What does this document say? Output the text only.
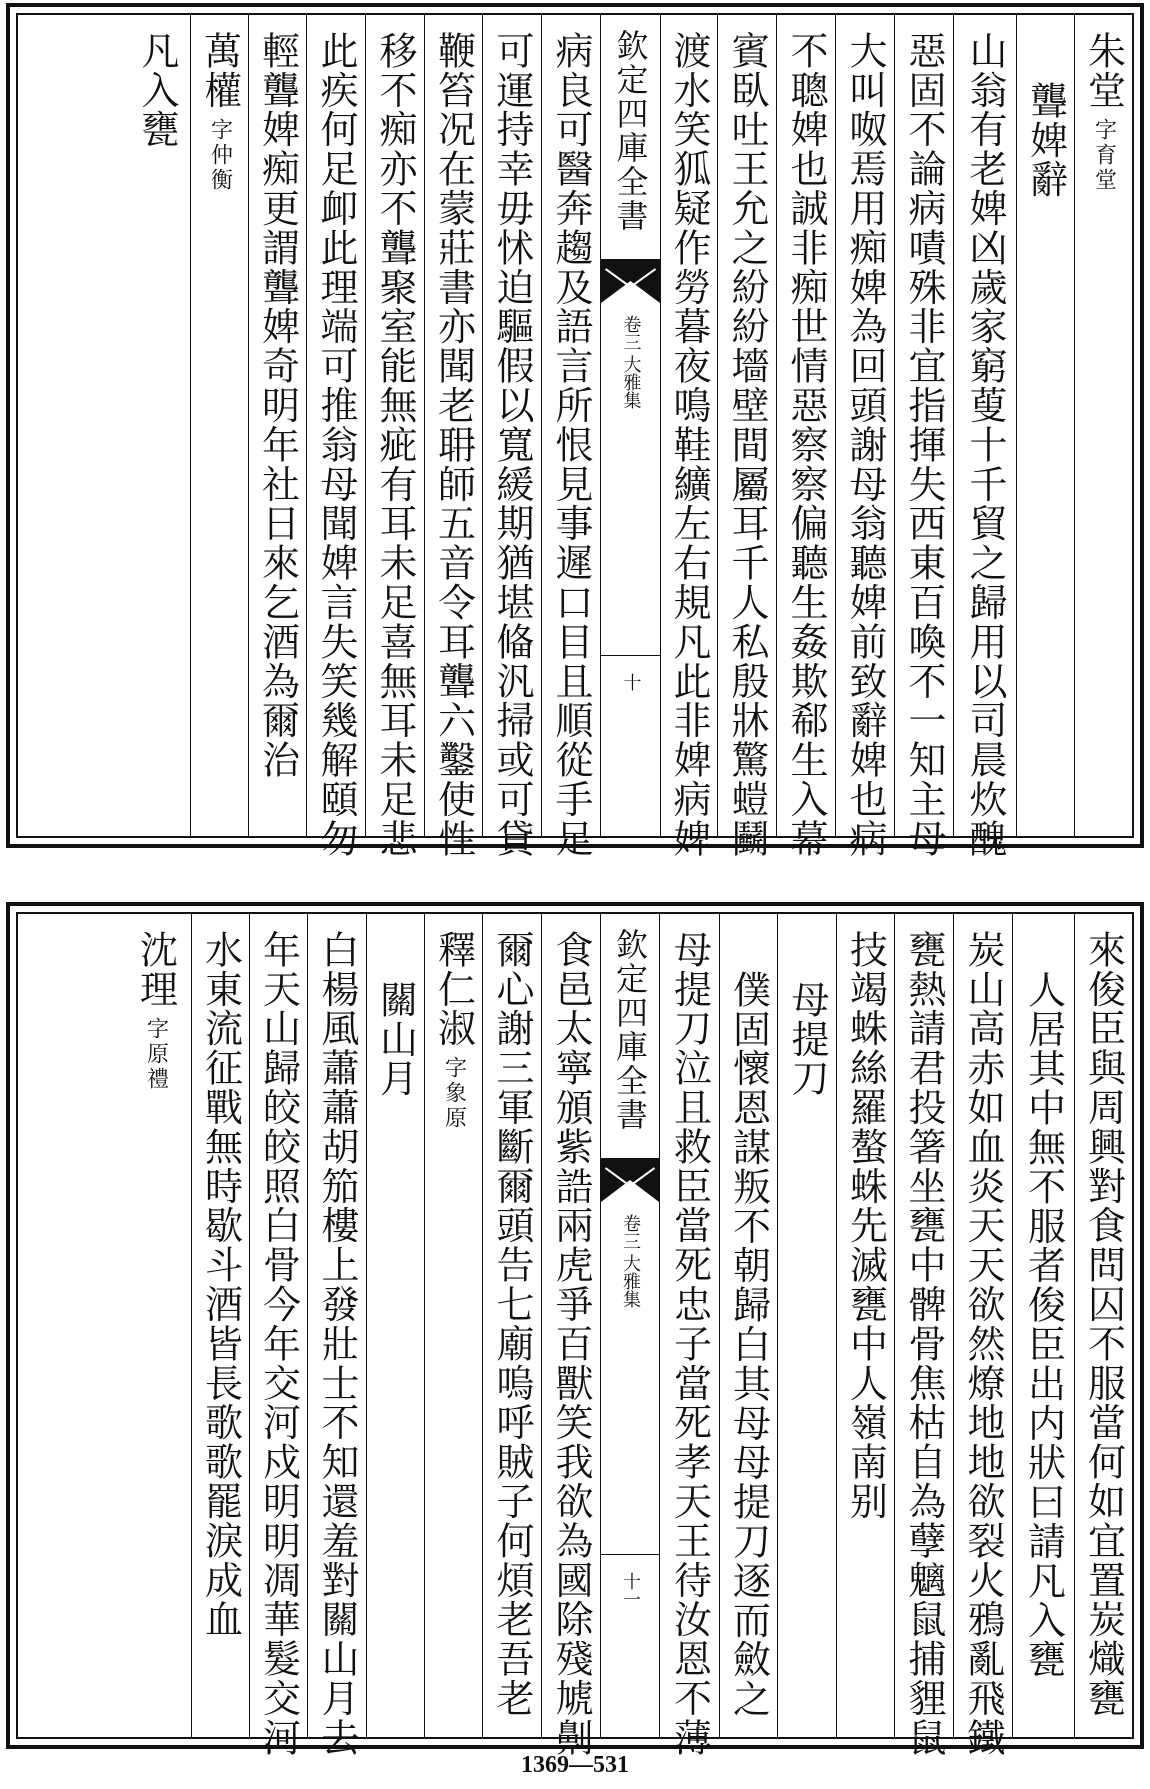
朱堂
字育堂
聾婢辭
山翁有老婢凶歲家窮蓃十千貿之歸用以司晨炊醜
惡固不論病嘖殊非宜指揮失西東百喚不一知主母
大叫呶焉用痴婢為回頭謝母翁聽婢前致辭婢也病
不聰婢也誠非痴世情惡察察偏聽生姦欺郗生入幕
賓臥吐王允之紛紛墻壁間屬耳千人私殷牀驚螘鬬
渡水笑狐疑作勞暮夜鳴鞋纊左右規凡此非婢病婢
欽定四庫全書
卷三
大雅集
十
病良可醫奔趨及語言所恨見事遲口目且順從手足
可運持幸毋怵迫驅假以寬緩期猶堪偹汎掃或可貸
鞭笞况在蒙莊書亦聞老耼師五音令耳聾六鑿使性
移不痴亦不聾聚室能無疵有耳未足喜無耳未足悲
此疾何足卹此理端可推翁母聞婢言失笑幾解頤勿
輕聾婢痴更謂聾婢奇明年社日來乞酒為爾治
萬權
字仲衡
凡入甕
來俊臣與周興對食問囚不服當何如宜置炭熾甕
人居其中無不服者俊臣出内狀曰請凡入甕
炭山高赤如血炎天天欲然燎地地欲裂火鴉亂飛鐵
甕熱請君投箸坐甕中髀骨焦枯自為孽魑鼠捕貍鼠
技竭蛛絲羅螯蛛先滅甕中人嶺南别
母提刀
僕固懷恩謀叛不朝歸白其母母提刀逐而斂之
母提刀泣且救臣當死忠子當死孝天王待汝恩不薄
欽定四庫全書
卷三
大雅集
十一
食邑太寧頒紫誥兩虎爭百獸笑我欲為國除殘虓劓
爾心謝三軍斷爾頭告七廟嗚呼賊子何煩老吾老
釋仁淑
字象原
關山月
白楊風蕭蕭胡笳樓上發壯士不知還羞對關山月去
年天山歸皎皎照白骨今年交河戍明明凋華髮交河
水東流征戰無時歇斗酒皆長歌歌罷淚成血
沈理
字原禮
1369—531
